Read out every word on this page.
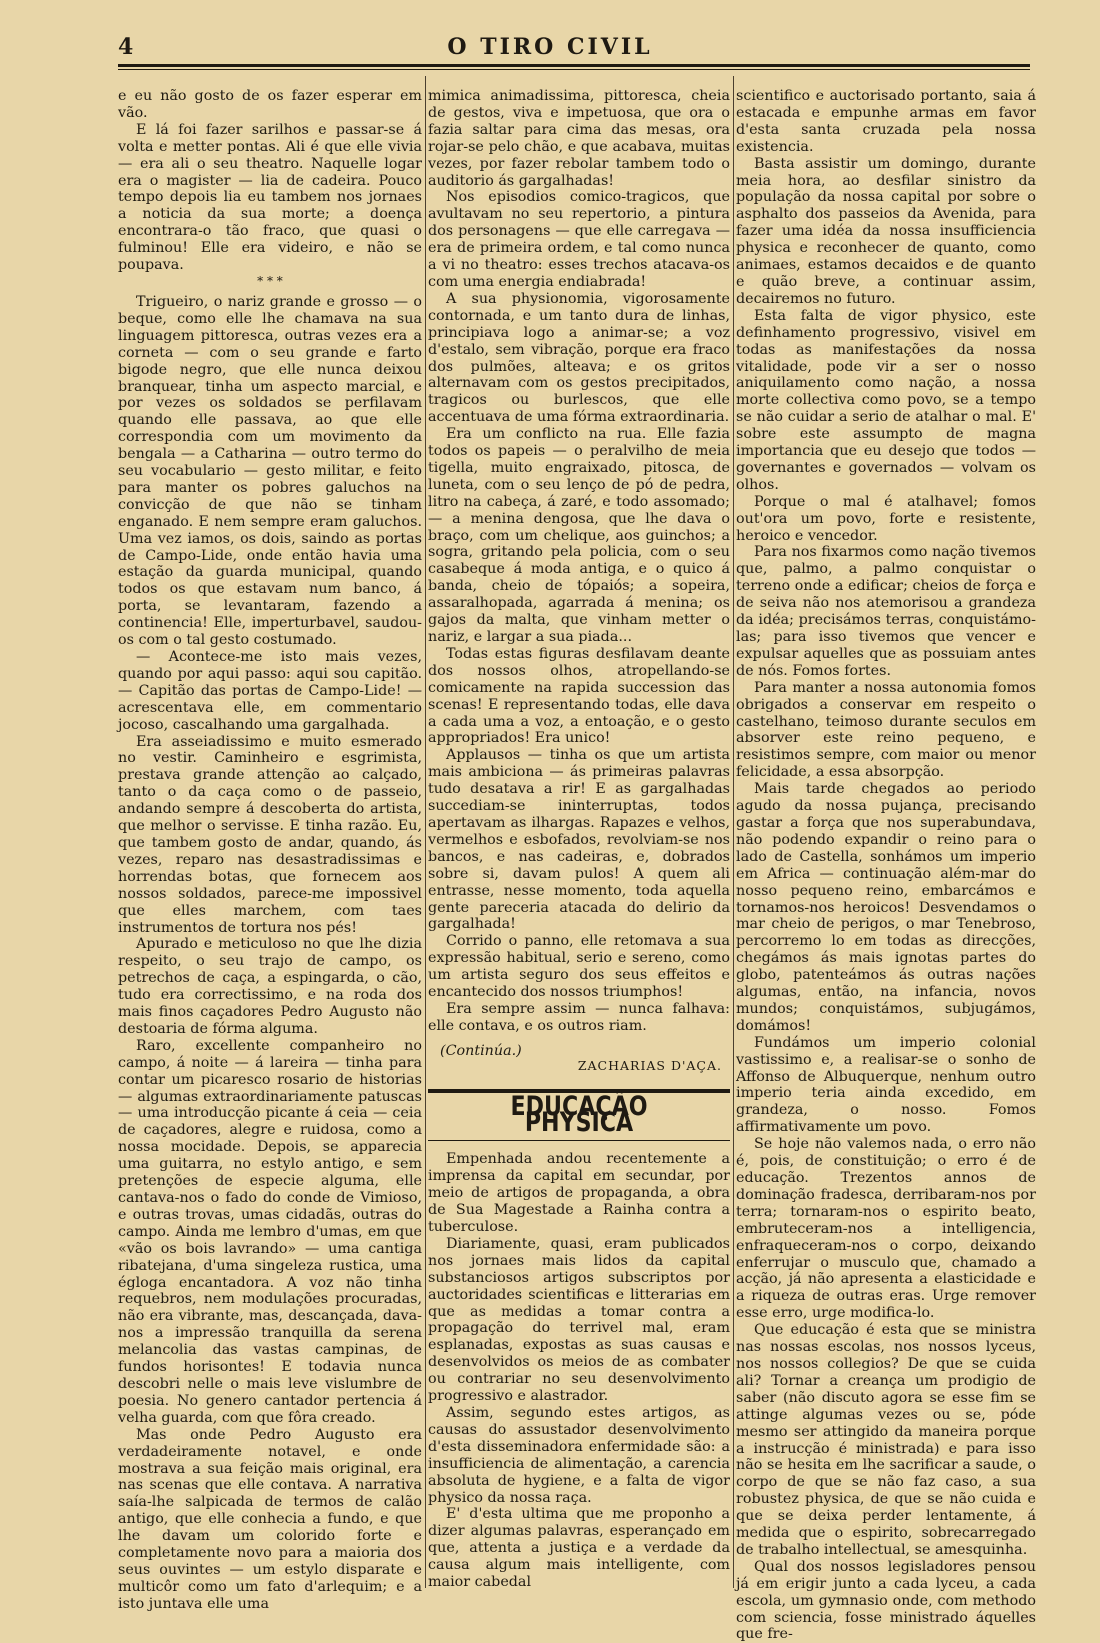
4	O TIRO CIVIL

e eu não gosto de os fazer esperar em vão.

E lá foi fazer sarilhos e passar-se á volta e metter pontas. Ali é que elle vivia — era ali o seu theatro. Naquelle logar era o magister — lia de cadeira. Pouco tempo depois lia eu tambem nos jornaes a noticia da sua morte; a doença encontrara-o tão fraco, que quasi o fulminou! Elle era videiro, e não se poupava.

* * *

Trigueiro, o nariz grande e grosso — o beque, como elle lhe chamava na sua linguagem pittoresca, outras vezes era a corneta — com o seu grande e farto bigode negro, que elle nunca deixou branquear, tinha um aspecto marcial, e por vezes os soldados se perfilavam quando elle passava, ao que elle correspondia com um movimento da bengala — a Catharina — outro termo do seu vocabulario — gesto militar, e feito para manter os pobres galuchos na convicção de que não se tinham enganado. E nem sempre eram galuchos. Uma vez iamos, os dois, saindo as portas de Campo-Lide, onde então havia uma estação da guarda municipal, quando todos os que estavam num banco, á porta, se levantaram, fazendo a continencia! Elle, imperturbavel, saudou-os com o tal gesto costumado.

— Acontece-me isto mais vezes, quando por aqui passo: aqui sou capitão. — Capitão das portas de Campo-Lide! — acrescentava elle, em commentario jocoso, cascalhando uma gargalhada.

Era asseiadissimo e muito esmerado no vestir. Caminheiro e esgrimista, prestava grande attenção ao calçado, tanto o da caça como o de passeio, andando sempre á descoberta do artista, que melhor o servisse. E tinha razão. Eu, que tambem gosto de andar, quando, ás vezes, reparo nas desastradissimas e horrendas botas, que fornecem aos nossos soldados, parece-me impossivel que elles marchem, com taes instrumentos de tortura nos pés!

Apurado e meticuloso no que lhe dizia respeito, o seu trajo de campo, os petrechos de caça, a espingarda, o cão, tudo era correctissimo, e na roda dos mais finos caçadores Pedro Augusto não destoaria de fórma alguma.

Raro, excellente companheiro no campo, á noite — á lareira — tinha para contar um picaresco rosario de historias — algumas extraordinariamente patuscas — uma introducção picante á ceia — ceia de caçadores, alegre e ruidosa, como a nossa mocidade. Depois, se apparecia uma guitarra, no estylo antigo, e sem pretenções de especie alguma, elle cantava-nos o fado do conde de Vimioso, e outras trovas, umas cidadãs, outras do campo. Ainda me lembro d'umas, em que «vão os bois lavrando» — uma cantiga ribatejana, d'uma singeleza rustica, uma égloga encantadora. A voz não tinha requebros, nem modulações procuradas, não era vibrante, mas, descançada, dava-nos a impressão tranquilla da serena melancolia das vastas campinas, de fundos horisontes! E todavia nunca descobri nelle o mais leve vislumbre de poesia. No genero cantador pertencia á velha guarda, com que fôra creado.

Mas onde Pedro Augusto era verdadeiramente notavel, e onde mostrava a sua feição mais original, era nas scenas que elle contava. A narrativa saía-lhe salpicada de termos de calão antigo, que elle conhecia a fundo, e que lhe davam um colorido forte e completamente novo para a maioria dos seus ouvintes — um estylo disparate e multicôr como um fato d'arlequim; e a isto juntava elle uma

mimica animadissima, pittoresca, cheia de gestos, viva e impetuosa, que ora o fazia saltar para cima das mesas, ora rojar-se pelo chão, e que acabava, muitas vezes, por fazer rebolar tambem todo o auditorio ás gargalhadas!

Nos episodios comico-tragicos, que avultavam no seu repertorio, a pintura dos personagens — que elle carregava — era de primeira ordem, e tal como nunca a vi no theatro: esses trechos atacava-os com uma energia endiabrada!

A sua physionomia, vigorosamente contornada, e um tanto dura de linhas, principiava logo a animar-se; a voz d'estalo, sem vibração, porque era fraco dos pulmões, alteava; e os gritos alternavam com os gestos precipitados, tragicos ou burlescos, que elle accentuava de uma fórma extraordinaria.

Era um conflicto na rua. Elle fazia todos os papeis — o peralvilho de meia tigella, muito engraixado, pitosca, de luneta, com o seu lenço de pó de pedra, litro na cabeça, á zaré, e todo assomado; — a menina dengosa, que lhe dava o braço, com um chelique, aos guinchos; a sogra, gritando pela policia, com o seu casabeque á moda antiga, e o quico á banda, cheio de tópaiós; a sopeira, assaralhopada, agarrada á menina; os gajos da malta, que vinham metter o nariz, e largar a sua piada...

Todas estas figuras desfilavam deante dos nossos olhos, atropellando-se comicamente na rapida succession das scenas! E representando todas, elle dava a cada uma a voz, a entoação, e o gesto appropriados! Era unico!

Applausos — tinha os que um artista mais ambiciona — ás primeiras palavras tudo desatava a rir! E as gargalhadas succediam-se ininterruptas, todos apertavam as ilhargas. Rapazes e velhos, vermelhos e esbofados, revolviam-se nos bancos, e nas cadeiras, e, dobrados sobre si, davam pulos! A quem ali entrasse, nesse momento, toda aquella gente pareceria atacada do delirio da gargalhada!

Corrido o panno, elle retomava a sua expressão habitual, serio e sereno, como um artista seguro dos seus effeitos e encantecido dos nossos triumphos!

Era sempre assim — nunca falhava: elle contava, e os outros riam.

(Continúa.)
ZACHARIAS D'AÇA.
EDUCAÇÃO PHYSICA

Empenhada andou recentemente a imprensa da capital em secundar, por meio de artigos de propaganda, a obra de Sua Magestade a Rainha contra a tuberculose.

Diariamente, quasi, eram publicados nos jornaes mais lidos da capital substanciosos artigos subscriptos por auctoridades scientificas e litterarias em que as medidas a tomar contra a propagação do terrivel mal, eram esplanadas, expostas as suas causas e desenvolvidos os meios de as combater ou contrariar no seu desenvolvimento progressivo e alastrador.

Assim, segundo estes artigos, as causas do assustador desenvolvimento d'esta disseminadora enfermidade são: a insufficiencia de alimentação, a carencia absoluta de hygiene, e a falta de vigor physico da nossa raça.

E' d'esta ultima que me proponho a dizer algumas palavras, esperançado em que, attenta a justiça e a verdade da causa algum mais intelligente, com maior cabedal

scientifico e auctorisado portanto, saia á estacada e empunhe armas em favor d'esta santa cruzada pela nossa existencia.

Basta assistir um domingo, durante meia hora, ao desfilar sinistro da população da nossa capital por sobre o asphalto dos passeios da Avenida, para fazer uma idéa da nossa insufficiencia physica e reconhecer de quanto, como animaes, estamos decaidos e de quanto e quão breve, a continuar assim, decairemos no futuro.

Esta falta de vigor physico, este definhamento progressivo, visivel em todas as manifestações da nossa vitalidade, pode vir a ser o nosso aniquilamento como nação, a nossa morte collectiva como povo, se a tempo se não cuidar a serio de atalhar o mal. E' sobre este assumpto de magna importancia que eu desejo que todos — governantes e governados — volvam os olhos.

Porque o mal é atalhavel; fomos out'ora um povo, forte e resistente, heroico e vencedor.

Para nos fixarmos como nação tivemos que, palmo, a palmo conquistar o terreno onde a edificar; cheios de força e de seiva não nos atemorisou a grandeza da idéa; precisámos terras, conquistámo-las; para isso tivemos que vencer e expulsar aquelles que as possuiam antes de nós. Fomos fortes.

Para manter a nossa autonomia fomos obrigados a conservar em respeito o castelhano, teimoso durante seculos em absorver este reino pequeno, e resistimos sempre, com maior ou menor felicidade, a essa absorpção.

Mais tarde chegados ao periodo agudo da nossa pujança, precisando gastar a força que nos superabundava, não podendo expandir o reino para o lado de Castella, sonhámos um imperio em Africa — continuação além-mar do nosso pequeno reino, embarcámos e tornamos-nos heroicos! Desvendamos o mar cheio de perigos, o mar Tenebroso, percorremo lo em todas as direcções, chegámos ás mais ignotas partes do globo, patenteámos ás outras nações algumas, então, na infancia, novos mundos; conquistámos, subjugámos, domámos!

Fundámos um imperio colonial vastissimo e, a realisar-se o sonho de Affonso de Albuquerque, nenhum outro imperio teria ainda excedido, em grandeza, o nosso. Fomos affirmativamente um povo.

Se hoje não valemos nada, o erro não é, pois, de constituição; o erro é de educação. Trezentos annos de dominação fradesca, derribaram-nos por terra; tornaram-nos o espirito beato, embruteceram-nos a intelligencia, enfraqueceram-nos o corpo, deixando enferrujar o musculo que, chamado a acção, já não apresenta a elasticidade e a riqueza de outras eras. Urge remover esse erro, urge modifica-lo.

Que educação é esta que se ministra nas nossas escolas, nos nossos lyceus, nos nossos collegios? De que se cuida ali? Tornar a creança um prodigio de saber (não discuto agora se esse fim se attinge algumas vezes ou se, póde mesmo ser attingido da maneira porque a instrucção é ministrada) e para isso não se hesita em lhe sacrificar a saude, o corpo de que se não faz caso, a sua robustez physica, de que se não cuida e que se deixa perder lentamente, á medida que o espirito, sobrecarregado de trabalho intellectual, se amesquinha.

Qual dos nossos legisladores pensou já em erigir junto a cada lyceu, a cada escola, um gymnasio onde, com methodo com sciencia, fosse ministrado áquelles que fre-
